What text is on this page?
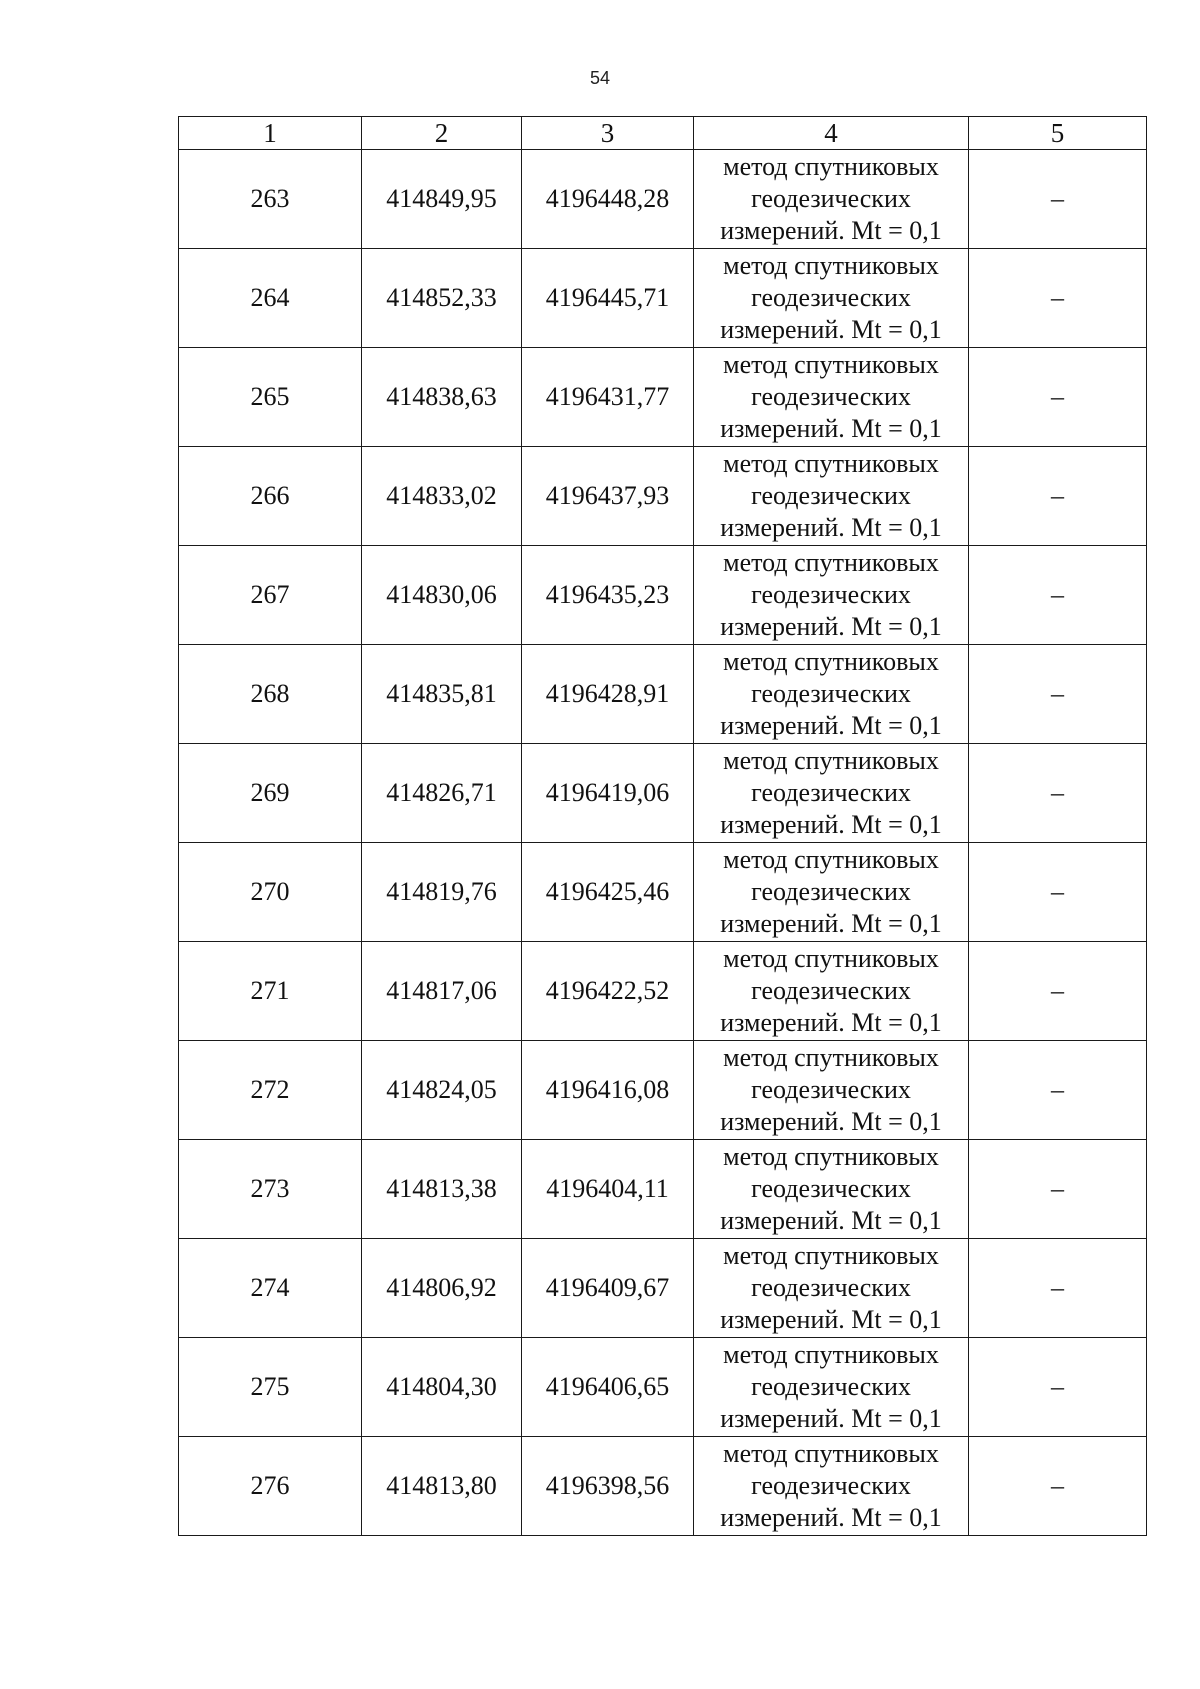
54
1	2	3	4	5
263	414849,95	4196448,28	метод спутниковых
геодезических
измерений. Mt = 0,1	–
264	414852,33	4196445,71	метод спутниковых
геодезических
измерений. Mt = 0,1	–
265	414838,63	4196431,77	метод спутниковых
геодезических
измерений. Mt = 0,1	–
266	414833,02	4196437,93	метод спутниковых
геодезических
измерений. Mt = 0,1	–
267	414830,06	4196435,23	метод спутниковых
геодезических
измерений. Mt = 0,1	–
268	414835,81	4196428,91	метод спутниковых
геодезических
измерений. Mt = 0,1	–
269	414826,71	4196419,06	метод спутниковых
геодезических
измерений. Mt = 0,1	–
270	414819,76	4196425,46	метод спутниковых
геодезических
измерений. Mt = 0,1	–
271	414817,06	4196422,52	метод спутниковых
геодезических
измерений. Mt = 0,1	–
272	414824,05	4196416,08	метод спутниковых
геодезических
измерений. Mt = 0,1	–
273	414813,38	4196404,11	метод спутниковых
геодезических
измерений. Mt = 0,1	–
274	414806,92	4196409,67	метод спутниковых
геодезических
измерений. Mt = 0,1	–
275	414804,30	4196406,65	метод спутниковых
геодезических
измерений. Mt = 0,1	–
276	414813,80	4196398,56	метод спутниковых
геодезических
измерений. Mt = 0,1	–
